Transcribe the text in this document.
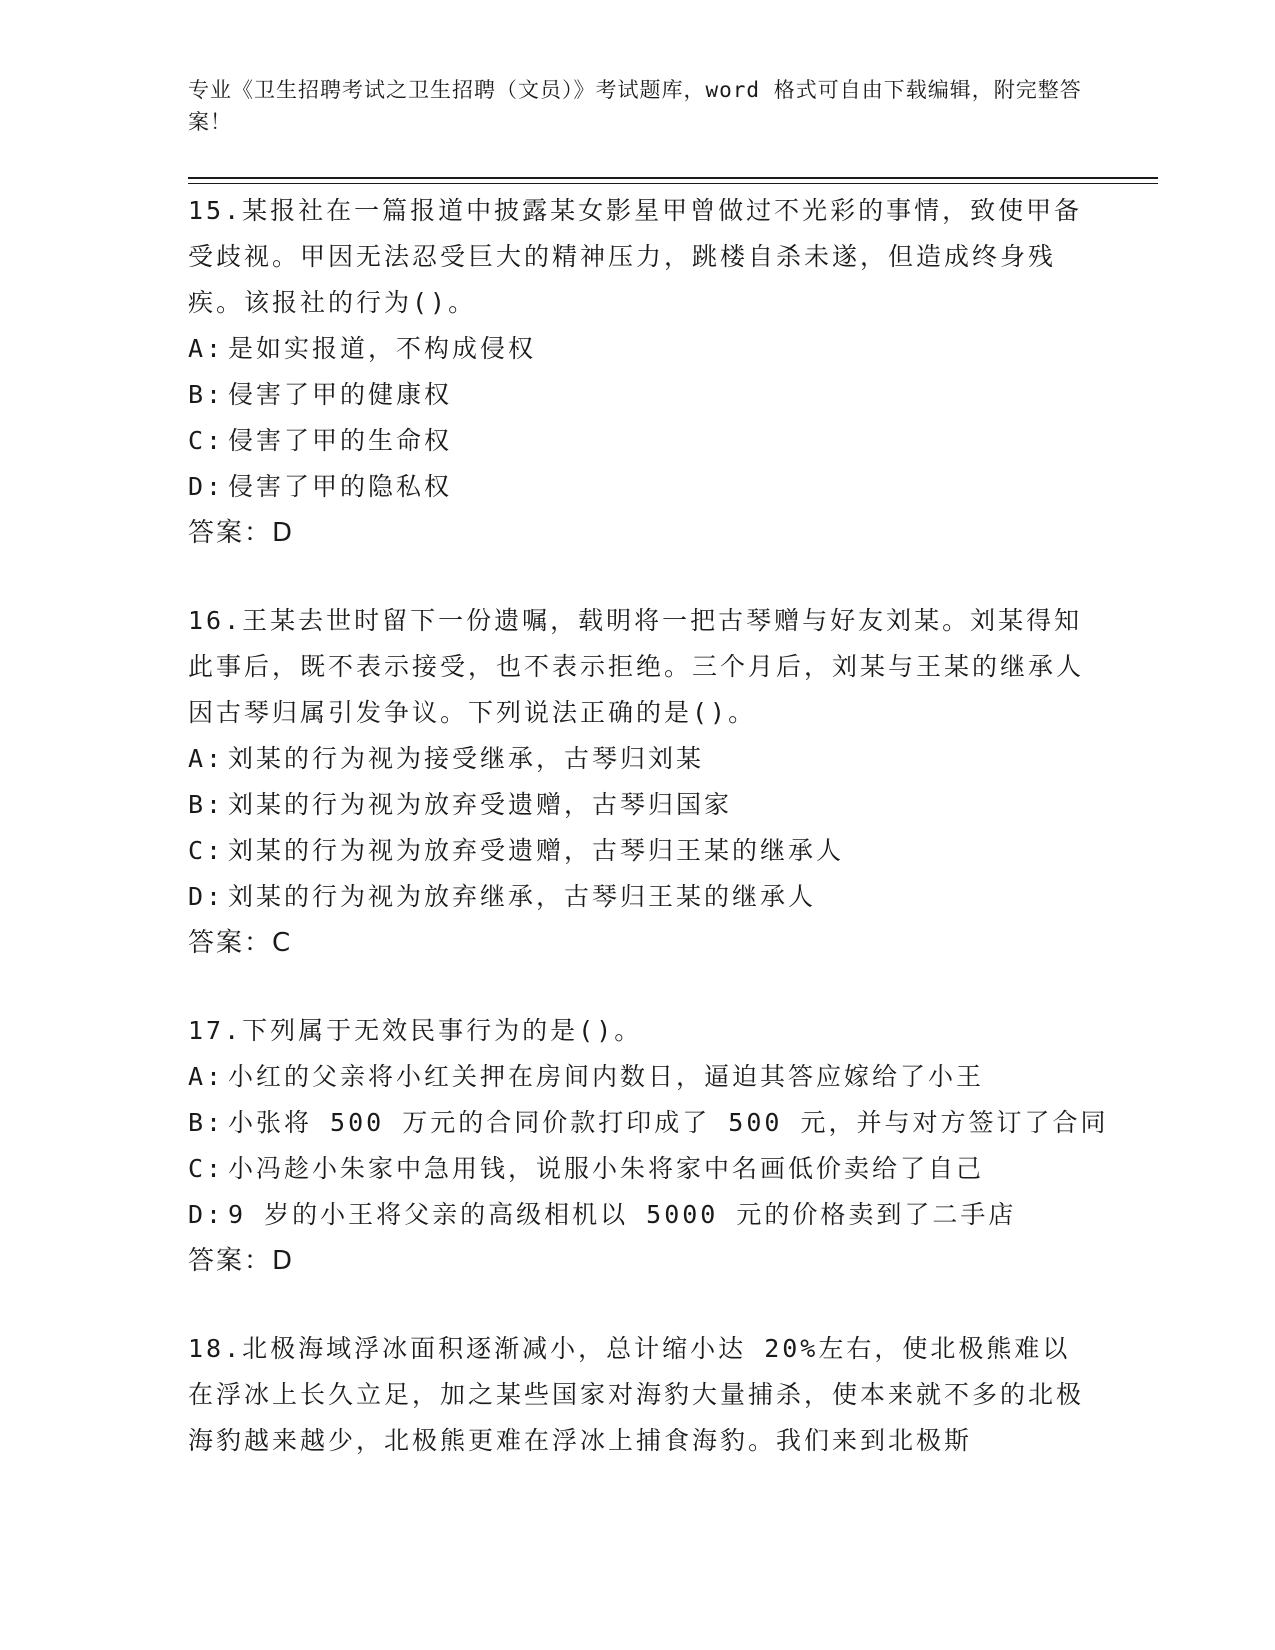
专业《卫生招聘考试之卫生招聘（文员）》考试题库，word 格式可自由下载编辑，附完整答案！

15.某报社在一篇报道中披露某女影星甲曾做过不光彩的事情，致使甲备受歧视。甲因无法忍受巨大的精神压力，跳楼自杀未遂，但造成终身残疾。该报社的行为()。

A: 是如实报道，不构成侵权

B: 侵害了甲的健康权

C: 侵害了甲的生命权

D: 侵害了甲的隐私权

答案：D

16.王某去世时留下一份遗嘱，载明将一把古琴赠与好友刘某。刘某得知此事后，既不表示接受，也不表示拒绝。三个月后，刘某与王某的继承人因古琴归属引发争议。下列说法正确的是()。

A: 刘某的行为视为接受继承，古琴归刘某

B: 刘某的行为视为放弃受遗赠，古琴归国家

C: 刘某的行为视为放弃受遗赠，古琴归王某的继承人

D: 刘某的行为视为放弃继承，古琴归王某的继承人

答案：C

17.下列属于无效民事行为的是()。

A: 小红的父亲将小红关押在房间内数日，逼迫其答应嫁给了小王

B: 小张将 500 万元的合同价款打印成了 500 元，并与对方签订了合同

C: 小冯趁小朱家中急用钱，说服小朱将家中名画低价卖给了自己

D: 9 岁的小王将父亲的高级相机以 5000 元的价格卖到了二手店

答案：D

18.北极海域浮冰面积逐渐减小，总计缩小达 20%左右，使北极熊难以在浮冰上长久立足，加之某些国家对海豹大量捕杀，使本来就不多的北极海豹越来越少，北极熊更难在浮冰上捕食海豹。我们来到北极斯
